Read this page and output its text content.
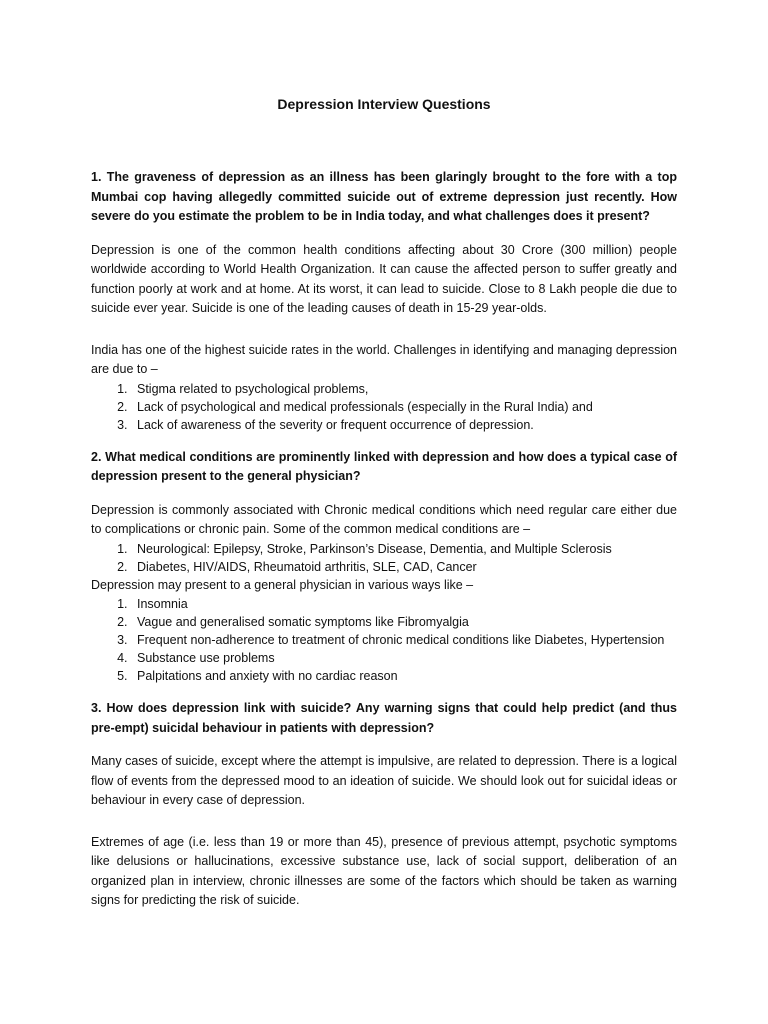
Depression Interview Questions
1. The graveness of depression as an illness has been glaringly brought to the fore with a top Mumbai cop having allegedly committed suicide out of extreme depression just recently. How severe do you estimate the problem to be in India today, and what challenges does it present?
Depression is one of the common health conditions affecting about 30 Crore (300 million) people worldwide according to World Health Organization. It can cause the affected person to suffer greatly and function poorly at work and at home. At its worst, it can lead to suicide. Close to 8 Lakh people die due to suicide ever year. Suicide is one of the leading causes of death in 15-29 year-olds.
India has one of the highest suicide rates in the world. Challenges in identifying and managing depression are due to –
1. Stigma related to psychological problems,
2. Lack of psychological and medical professionals (especially in the Rural India) and
3. Lack of awareness of the severity or frequent occurrence of depression.
2. What medical conditions are prominently linked with depression and how does a typical case of depression present to the general physician?
Depression is commonly associated with Chronic medical conditions which need regular care either due to complications or chronic pain. Some of the common medical conditions are –
1. Neurological: Epilepsy, Stroke, Parkinson’s Disease, Dementia, and Multiple Sclerosis
2. Diabetes, HIV/AIDS, Rheumatoid arthritis, SLE, CAD, Cancer
Depression may present to a general physician in various ways like –
1. Insomnia
2. Vague and generalised somatic symptoms like Fibromyalgia
3. Frequent non-adherence to treatment of chronic medical conditions like Diabetes, Hypertension
4. Substance use problems
5. Palpitations and anxiety with no cardiac reason
3. How does depression link with suicide? Any warning signs that could help predict (and thus pre-empt) suicidal behaviour in patients with depression?
Many cases of suicide, except where the attempt is impulsive, are related to depression. There is a logical flow of events from the depressed mood to an ideation of suicide. We should look out for suicidal ideas or behaviour in every case of depression.
Extremes of age (i.e. less than 19 or more than 45), presence of previous attempt, psychotic symptoms like delusions or hallucinations, excessive substance use, lack of social support, deliberation of an organized plan in interview, chronic illnesses are some of the factors which should be taken as warning signs for predicting the risk of suicide.
